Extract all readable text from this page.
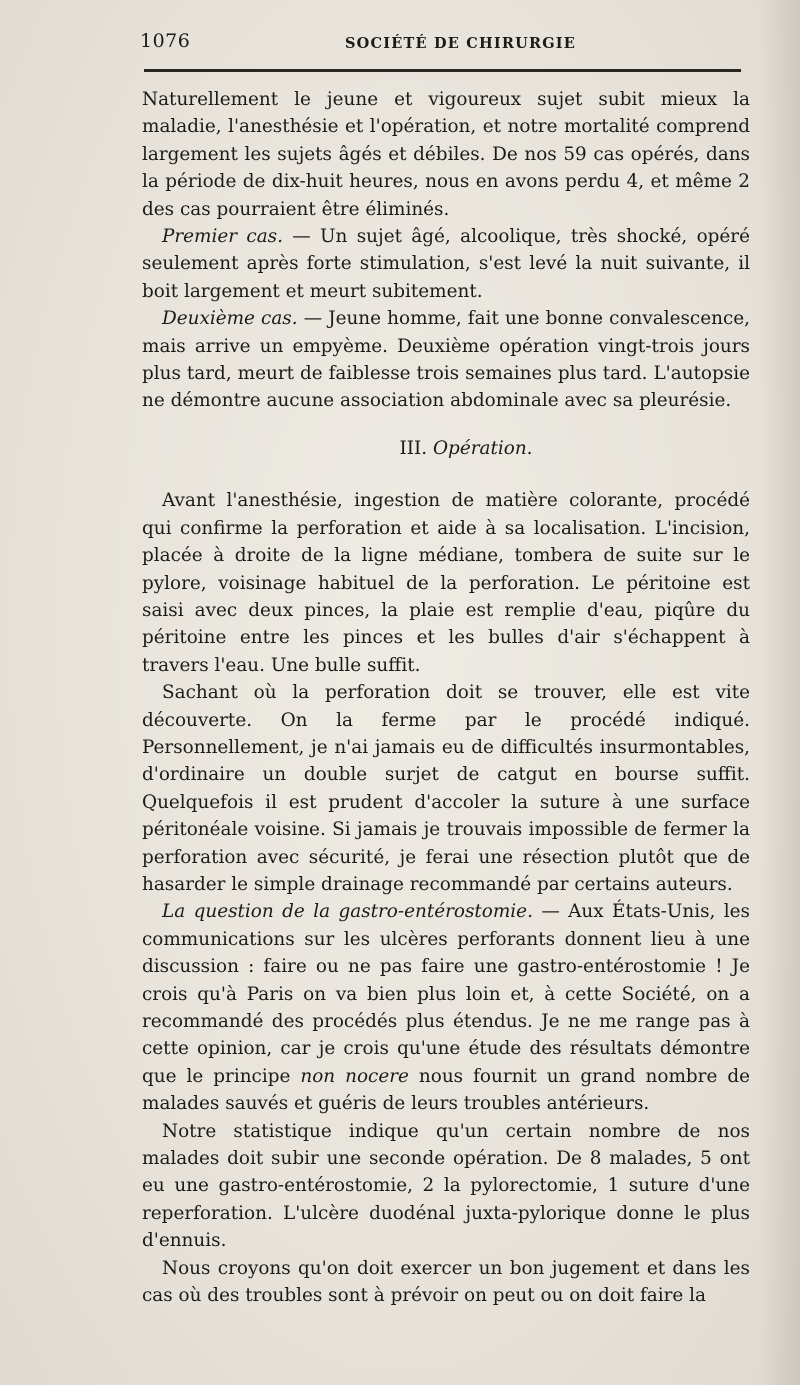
1076	SOCIÉTÉ DE CHIRURGIE

Naturellement le jeune et vigoureux sujet subit mieux la maladie, l'anesthésie et l'opération, et notre mortalité comprend largement les sujets âgés et débiles. De nos 59 cas opérés, dans la période de dix-huit heures, nous en avons perdu 4, et même 2 des cas pourraient être éliminés.

Premier cas. — Un sujet âgé, alcoolique, très shocké, opéré seulement après forte stimulation, s'est levé la nuit suivante, il boit largement et meurt subitement.

Deuxième cas. — Jeune homme, fait une bonne convalescence, mais arrive un empyème. Deuxième opération vingt-trois jours plus tard, meurt de faiblesse trois semaines plus tard. L'autopsie ne démontre aucune association abdominale avec sa pleurésie.

III. Opération.

Avant l'anesthésie, ingestion de matière colorante, procédé qui confirme la perforation et aide à sa localisation. L'incision, placée à droite de la ligne médiane, tombera de suite sur le pylore, voisinage habituel de la perforation. Le péritoine est saisi avec deux pinces, la plaie est remplie d'eau, piqûre du péritoine entre les pinces et les bulles d'air s'échappent à travers l'eau. Une bulle suffit.

Sachant où la perforation doit se trouver, elle est vite découverte. On la ferme par le procédé indiqué. Personnellement, je n'ai jamais eu de difficultés insurmontables, d'ordinaire un double surjet de catgut en bourse suffit. Quelquefois il est prudent d'accoler la suture à une surface péritonéale voisine. Si jamais je trouvais impossible de fermer la perforation avec sécurité, je ferai une résection plutôt que de hasarder le simple drainage recommandé par certains auteurs.

La question de la gastro-entérostomie. — Aux États-Unis, les communications sur les ulcères perforants donnent lieu à une discussion : faire ou ne pas faire une gastro-entérostomie ! Je crois qu'à Paris on va bien plus loin et, à cette Société, on a recommandé des procédés plus étendus. Je ne me range pas à cette opinion, car je crois qu'une étude des résultats démontre que le principe non nocere nous fournit un grand nombre de malades sauvés et guéris de leurs troubles antérieurs.

Notre statistique indique qu'un certain nombre de nos malades doit subir une seconde opération. De 8 malades, 5 ont eu une gastro-entérostomie, 2 la pylorectomie, 1 suture d'une reperforation. L'ulcère duodénal juxta-pylorique donne le plus d'ennuis.

Nous croyons qu'on doit exercer un bon jugement et dans les cas où des troubles sont à prévoir on peut ou on doit faire la
